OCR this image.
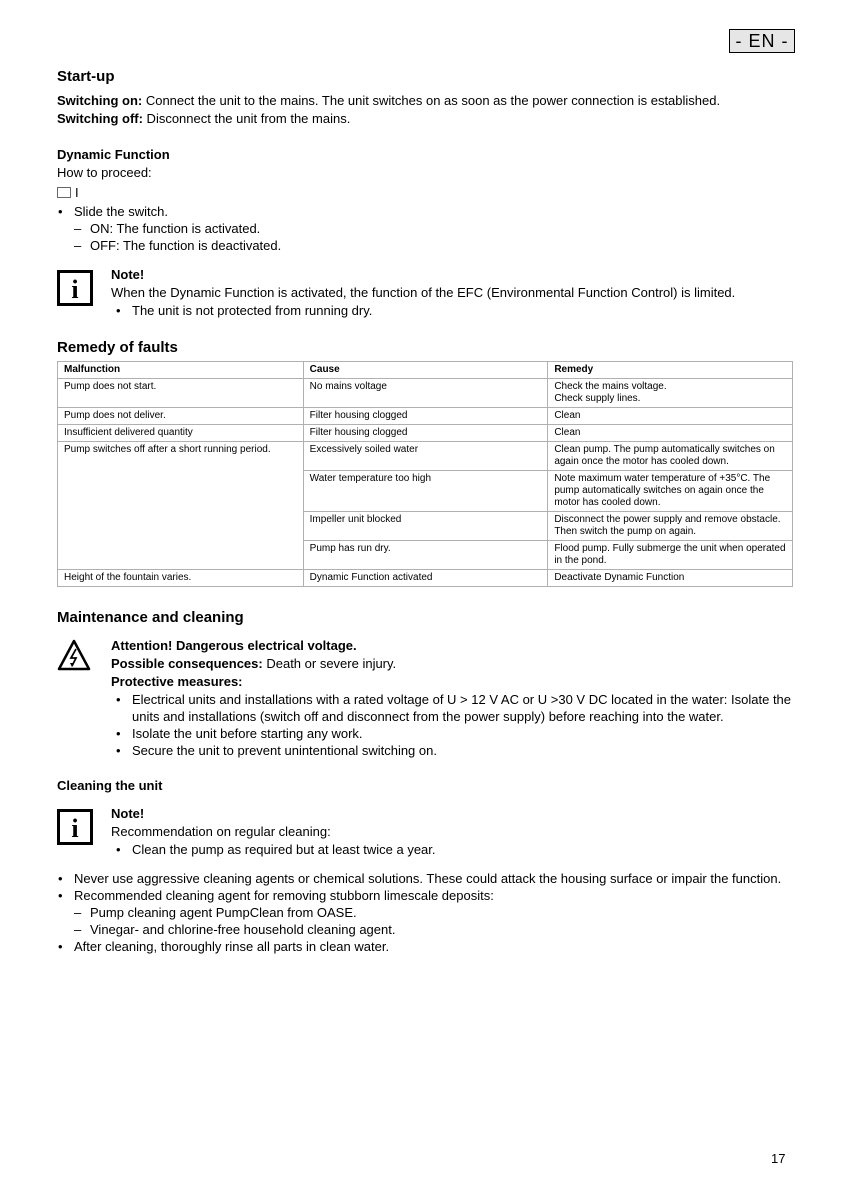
- EN -
Start-up

Switching on: Connect the unit to the mains. The unit switches on as soon as the power connection is established.

Switching off: Disconnect the unit from the mains.

Dynamic Function

How to proceed:

I
• Slide the switch.
– ON: The function is activated.
– OFF: The function is deactivated.
i

Note!

When the Dynamic Function is activated, the function of the EFC (Environmental Function Control) is limited.

• The unit is not protected from running dry.
Remedy of faults
Malfunction	Cause	Remedy
Pump does not start.	No mains voltage	Check the mains voltage.
Check supply lines.
Pump does not deliver.	Filter housing clogged	Clean
Insufficient delivered quantity	Filter housing clogged	Clean
Pump switches off after a short running period.	Excessively soiled water	Clean pump. The pump automatically switches on again once the motor has cooled down.
	Water temperature too high	Note maximum water temperature of +35°C. The pump automatically switches on again once the motor has cooled down.
	Impeller unit blocked	Disconnect the power supply and remove obstacle. Then switch the pump on again.
	Pump has run dry.	Flood pump. Fully submerge the unit when operated in the pond.
Height of the fountain varies.	Dynamic Function activated	Deactivate Dynamic Function
Maintenance and cleaning

Attention! Dangerous electrical voltage.

Possible consequences: Death or severe injury.

Protective measures:

• Electrical units and installations with a rated voltage of U > 12 V AC or U >30 V DC located in the water: Isolate the units and installations (switch off and disconnect from the power supply) before reaching into the water.
• Isolate the unit before starting any work.
• Secure the unit to prevent unintentional switching on.
Cleaning the unit
i

Note!

Recommendation on regular cleaning:

• Clean the pump as required but at least twice a year.
• Never use aggressive cleaning agents or chemical solutions. These could attack the housing surface or impair the function.
• Recommended cleaning agent for removing stubborn limescale deposits:
– Pump cleaning agent PumpClean from OASE.
– Vinegar- and chlorine-free household cleaning agent.
• After cleaning, thoroughly rinse all parts in clean water.
17
